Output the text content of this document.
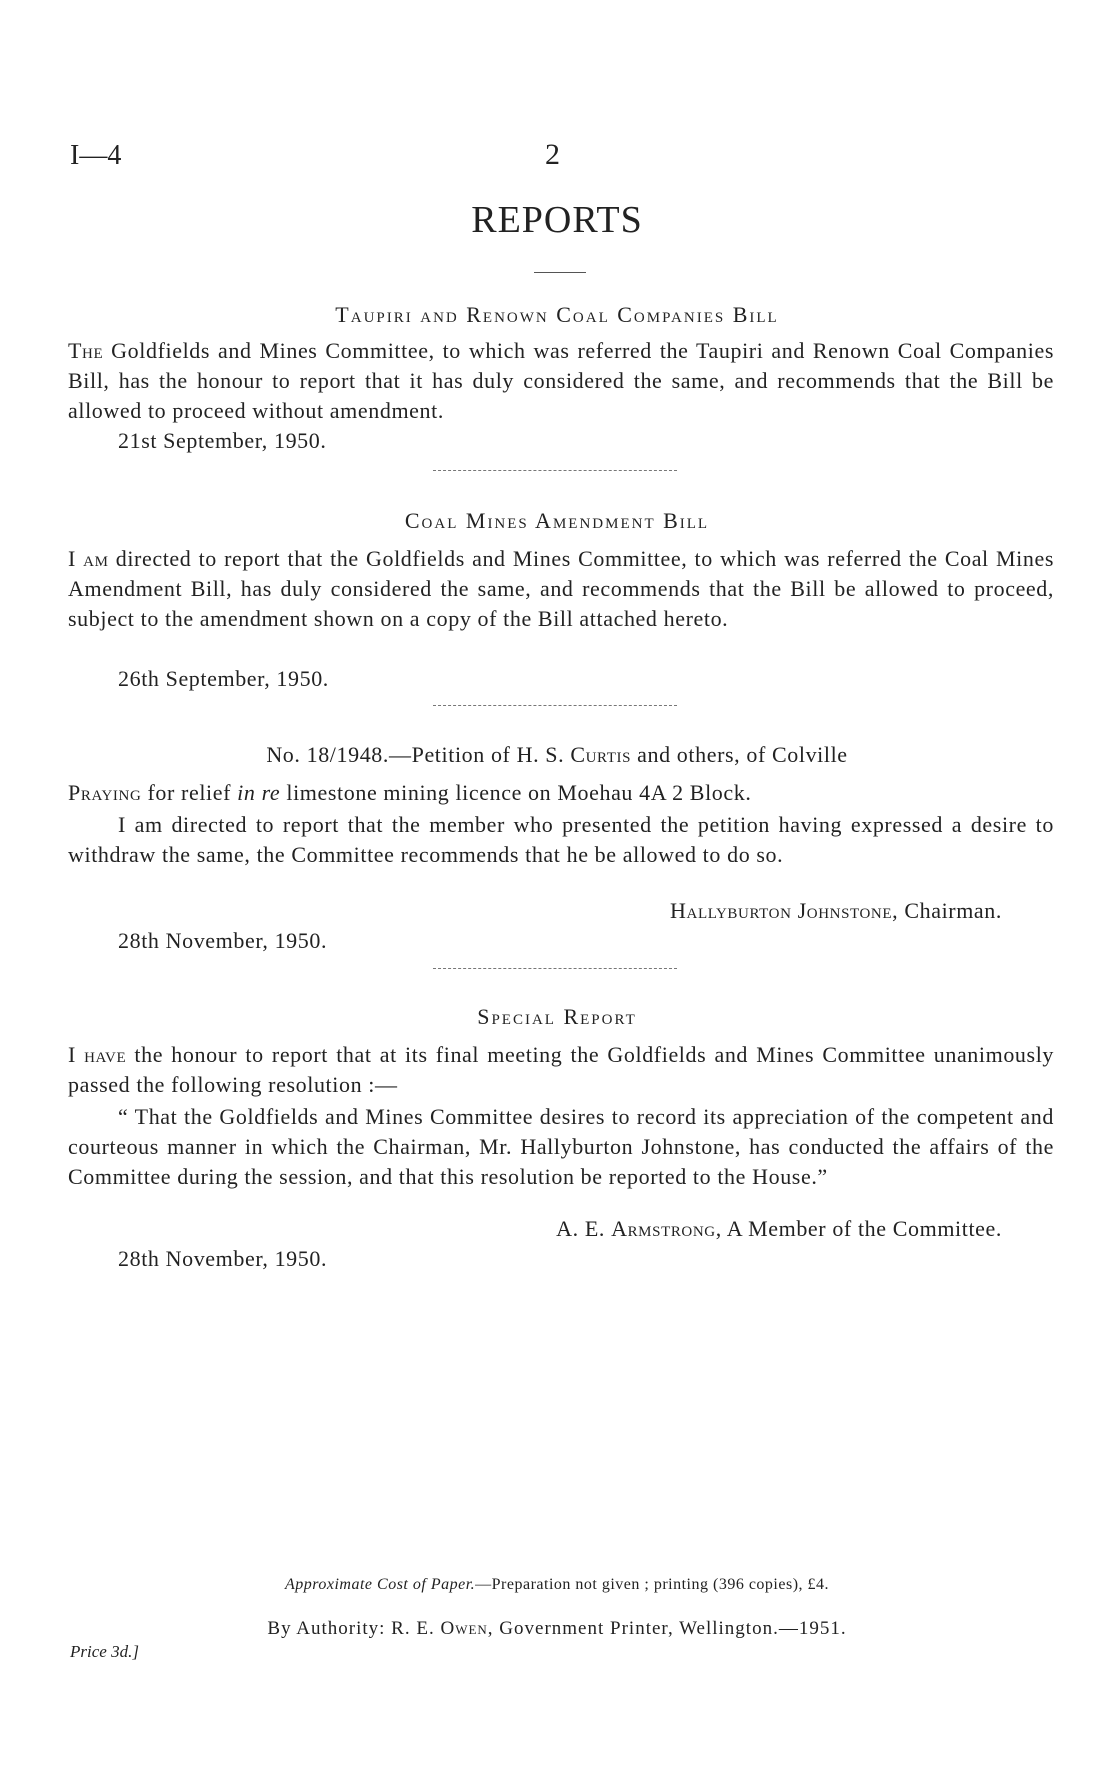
I—4	2
REPORTS
Taupiri and Renown Coal Companies Bill
The Goldfields and Mines Committee, to which was referred the Taupiri and Renown Coal Companies Bill, has the honour to report that it has duly considered the same, and recommends that the Bill be allowed to proceed without amendment.
21st September, 1950.
Coal Mines Amendment Bill
I am directed to report that the Goldfields and Mines Committee, to which was referred the Coal Mines Amendment Bill, has duly considered the same, and recommends that the Bill be allowed to proceed, subject to the amendment shown on a copy of the Bill attached hereto.
26th September, 1950.
No. 18/1948.—Petition of H. S. Curtis and others, of Colville
Praying for relief in re limestone mining licence on Moehau 4A 2 Block.
I am directed to report that the member who presented the petition having expressed a desire to withdraw the same, the Committee recommends that he be allowed to do so.
Hallyburton Johnstone, Chairman.
28th November, 1950.
Special Report
I have the honour to report that at its final meeting the Goldfields and Mines Committee unanimously passed the following resolution :—
“ That the Goldfields and Mines Committee desires to record its appreciation of the competent and courteous manner in which the Chairman, Mr. Hallyburton Johnstone, has conducted the affairs of the Committee during the session, and that this resolution be reported to the House.”
A. E. Armstrong, A Member of the Committee.
28th November, 1950.
Approximate Cost of Paper.—Preparation not given ; printing (396 copies), £4.
By Authority: R. E. Owen, Government Printer, Wellington.—1951.
Price 3d.]
